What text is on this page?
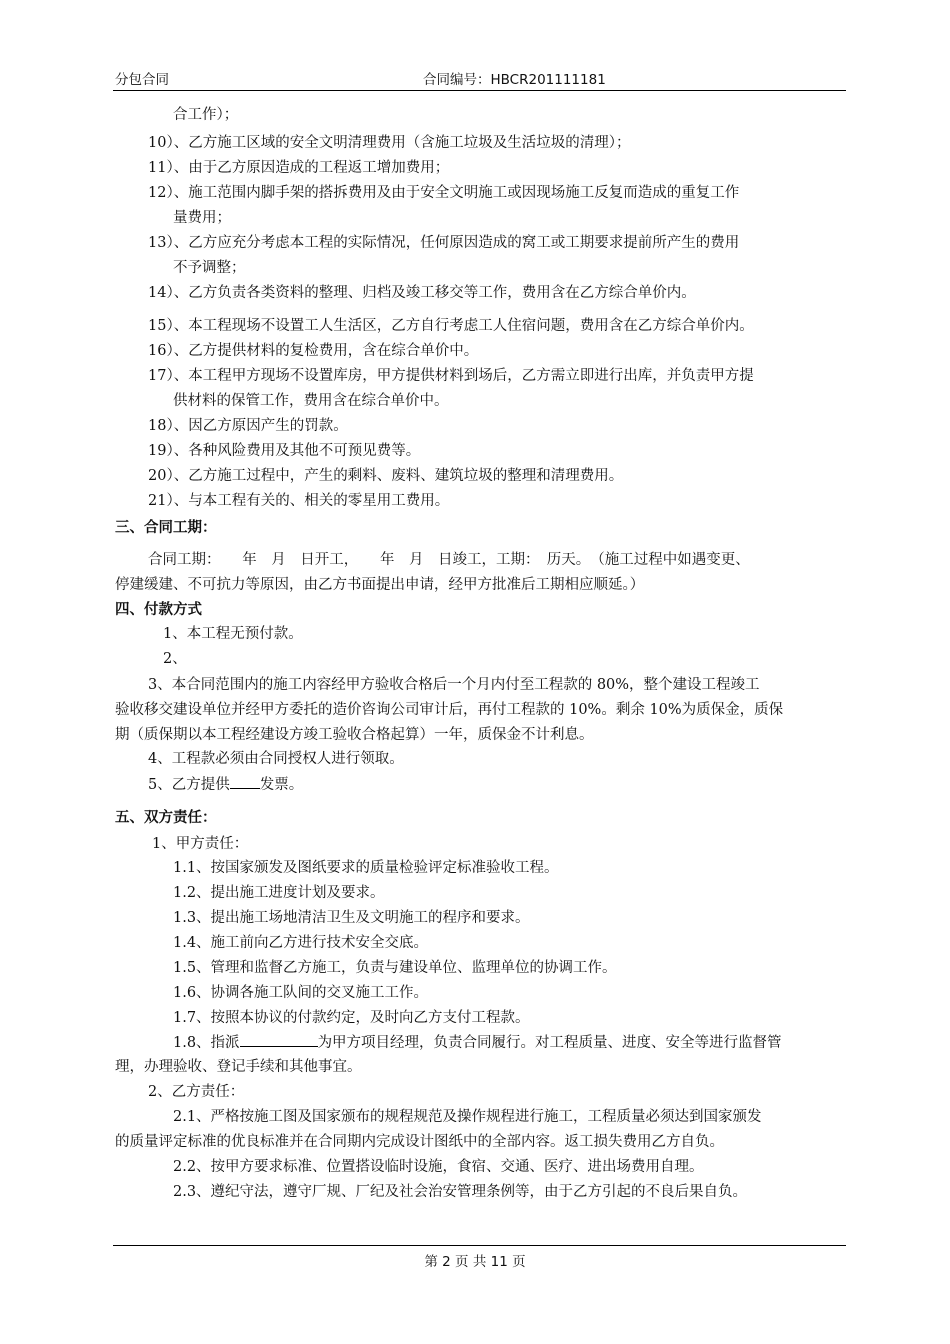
分包合同	合同编号：HBCR201111181
合工作）；
10）、乙方施工区域的安全文明清理费用（含施工垃圾及生活垃圾的清理）；
11）、由于乙方原因造成的工程返工增加费用；
12）、施工范围内脚手架的搭拆费用及由于安全文明施工或因现场施工反复而造成的重复工作
量费用；
13）、乙方应充分考虑本工程的实际情况，任何原因造成的窝工或工期要求提前所产生的费用
不予调整；
14）、乙方负责各类资料的整理、归档及竣工移交等工作，费用含在乙方综合单价内。
15）、本工程现场不设置工人生活区，乙方自行考虑工人住宿问题，费用含在乙方综合单价内。
16）、乙方提供材料的复检费用，含在综合单价中。
17）、本工程甲方现场不设置库房，甲方提供材料到场后，乙方需立即进行出库，并负责甲方提
供材料的保管工作，费用含在综合单价中。
18）、因乙方原因产生的罚款。
19）、各种风险费用及其他不可预见费等。
20）、乙方施工过程中，产生的剩料、废料、建筑垃圾的整理和清理费用。
21）、与本工程有关的、相关的零星用工费用。
三、合同工期：
合同工期：　　年　月　日开工，　　年　月　日竣工，工期：　历天。　（施工过程中如遇变更、
停建缓建、不可抗力等原因，由乙方书面提出申请，经甲方批准后工期相应顺延。）
四、付款方式
1、本工程无预付款。
2、
3、本合同范围内的施工内容经甲方验收合格后一个月内付至工程款的 80%，整个建设工程竣工
验收移交建设单位并经甲方委托的造价咨询公司审计后，再付工程款的 10%。剩余 10%为质保金，质保
期（质保期以本工程经建设方竣工验收合格起算）一年，质保金不计利息。
4、工程款必须由合同授权人进行领取。
5、乙方提供 发票。
五、双方责任：
1、甲方责任：
1.1、按国家颁发及图纸要求的质量检验评定标准验收工程。
1.2、提出施工进度计划及要求。
1.3、提出施工场地清洁卫生及文明施工的程序和要求。
1.4、施工前向乙方进行技术安全交底。
1.5、管理和监督乙方施工，负责与建设单位、监理单位的协调工作。
1.6、协调各施工队间的交叉施工工作。
1.7、按照本协议的付款约定，及时向乙方支付工程款。
1.8、指派	为甲方项目经理，负责合同履行。对工程质量、进度、安全等进行监督管
理，办理验收、登记手续和其他事宜。
2、乙方责任：
2.1、严格按施工图及国家颁布的规程规范及操作规程进行施工，工程质量必须达到国家颁发
的质量评定标准的优良标准并在合同期内完成设计图纸中的全部内容。返工损失费用乙方自负。
2.2、按甲方要求标准、位置搭设临时设施，食宿、交通、医疗、进出场费用自理。
2.3、遵纪守法，遵守厂规、厂纪及社会治安管理条例等，由于乙方引起的不良后果自负。
第 2 页 共 11 页
